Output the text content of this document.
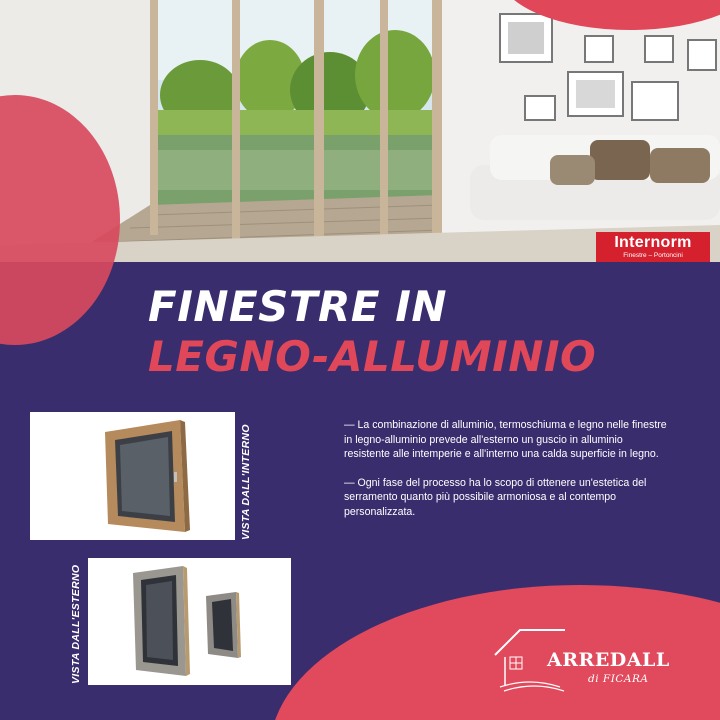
Internorm
Finestre – Portoncini
FINESTRE IN
LEGNO-ALLUMINIO
VISTA DALL'INTERNO
VISTA DALL'ESTERNO

— La combinazione di alluminio, termoschiuma e legno nelle finestre in legno-alluminio prevede all'esterno un guscio in alluminio resistente alle intemperie e all'interno una calda superficie in legno.

— Ogni fase del processo ha lo scopo di ottenere un'estetica del serramento quanto più possibile armoniosa e al contempo personalizzata.

ARREDALL
di FICARA
